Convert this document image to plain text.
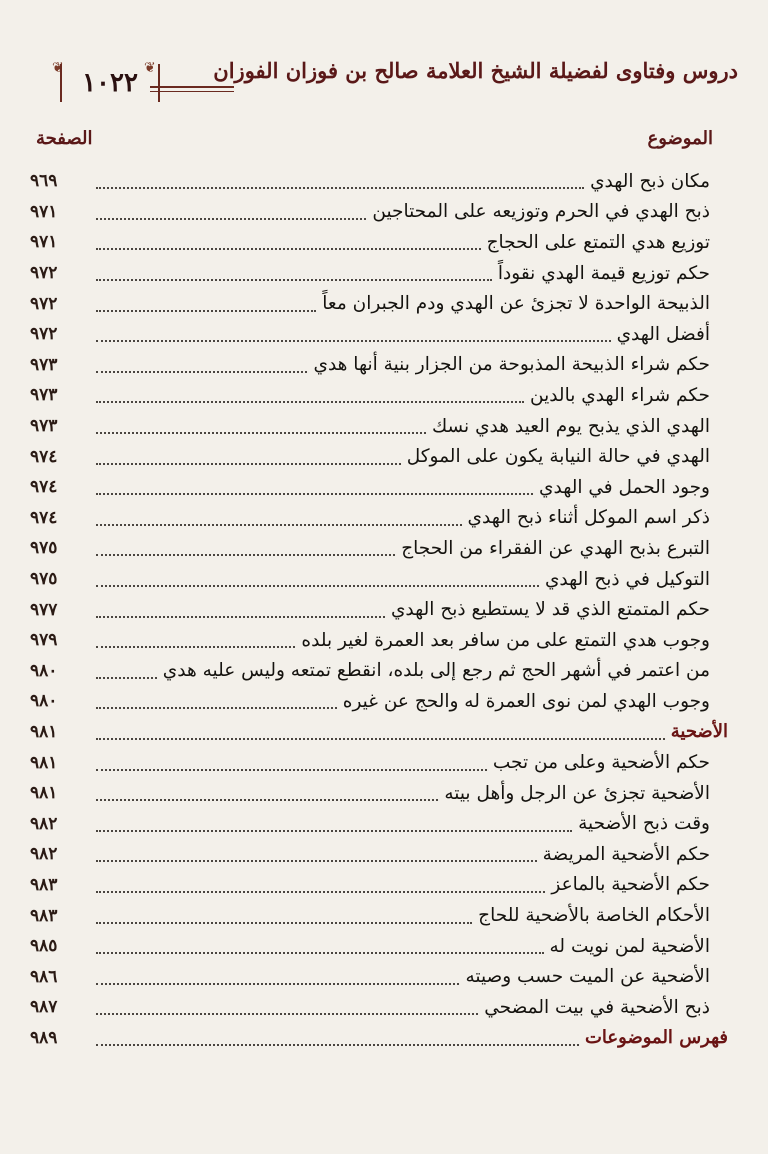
دروس وفتاوى لفضيلة الشيخ العلامة صالح بن فوزان الفوزان
❦	❦
١٠٢٢
الموضوع
الصفحة
مكان ذبح الهدي
٩٦٩
ذبح الهدي في الحرم وتوزيعه على المحتاجين
٩٧١
توزيع هدي التمتع على الحجاج
٩٧١
حكم توزيع قيمة الهدي نقوداً
٩٧٢
الذبيحة الواحدة لا تجزئ عن الهدي ودم الجبران معاً
٩٧٢
أفضل الهدي
٩٧٢
حكم شراء الذبيحة المذبوحة من الجزار بنية أنها هدي
٩٧٣
حكم شراء الهدي بالدين
٩٧٣
الهدي الذي يذبح يوم العيد هدي نسك
٩٧٣
الهدي في حالة النيابة يكون على الموكل
٩٧٤
وجود الحمل في الهدي
٩٧٤
ذكر اسم الموكل أثناء ذبح الهدي
٩٧٤
التبرع بذبح الهدي عن الفقراء من الحجاج
٩٧٥
التوكيل في ذبح الهدي
٩٧٥
حكم المتمتع الذي قد لا يستطيع ذبح الهدي
٩٧٧
وجوب هدي التمتع على من سافر بعد العمرة لغير بلده
٩٧٩
من اعتمر في أشهر الحج ثم رجع إلى بلده، انقطع تمتعه وليس عليه هدي
٩٨٠
وجوب الهدي لمن نوى العمرة له والحج عن غيره
٩٨٠
الأضحية
٩٨١
حكم الأضحية وعلى من تجب
٩٨١
الأضحية تجزئ عن الرجل وأهل بيته
٩٨١
وقت ذبح الأضحية
٩٨٢
حكم الأضحية المريضة
٩٨٢
حكم الأضحية بالماعز
٩٨٣
الأحكام الخاصة بالأضحية للحاج
٩٨٣
الأضحية لمن نويت له
٩٨٥
الأضحية عن الميت حسب وصيته
٩٨٦
ذبح الأضحية في بيت المضحي
٩٨٧
فهرس الموضوعات
٩٨٩
